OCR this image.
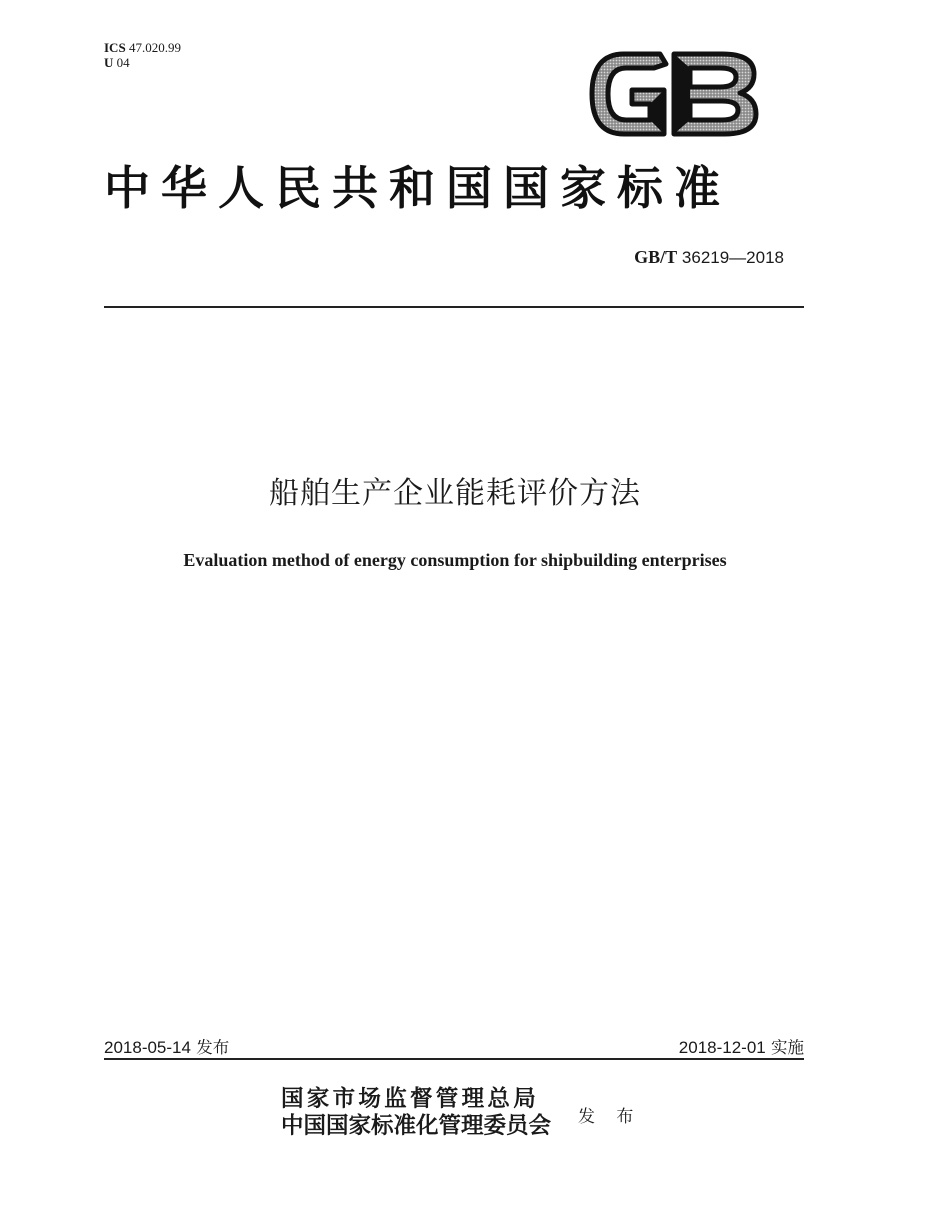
ICS 47.020.99
U 04
中华人民共和国国家标准
GB/T 36219—2018
船舶生产企业能耗评价方法
Evaluation method of energy consumption for shipbuilding enterprises
2018-05-14 发布	2018-12-01 实施
国家市场监督管理总局
中国国家标准化管理委员会 发 布
